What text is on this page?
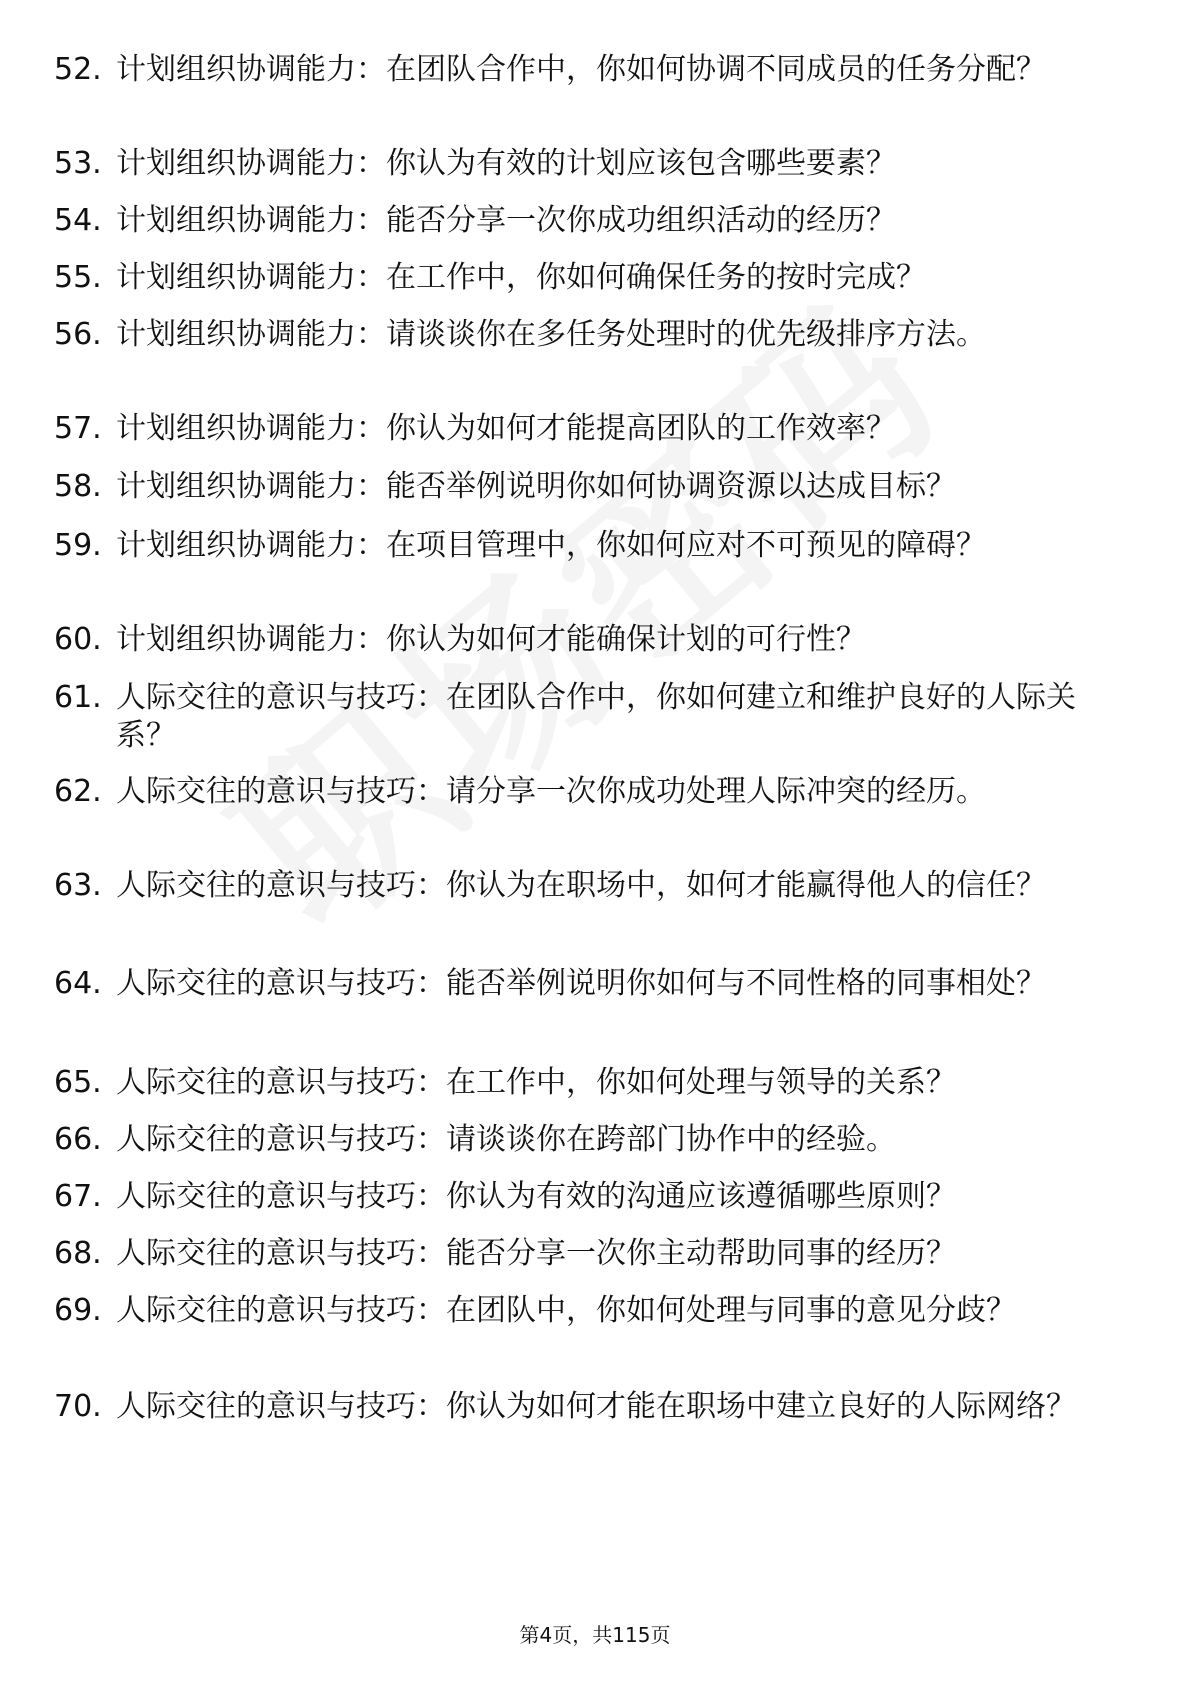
52. 计划组织协调能力：在团队合作中，你如何协调不同成员的任务分配？
53. 计划组织协调能力：你认为有效的计划应该包含哪些要素？
54. 计划组织协调能力：能否分享一次你成功组织活动的经历？
55. 计划组织协调能力：在工作中，你如何确保任务的按时完成？
56. 计划组织协调能力：请谈谈你在多任务处理时的优先级排序方法。
57. 计划组织协调能力：你认为如何才能提高团队的工作效率？
58. 计划组织协调能力：能否举例说明你如何协调资源以达成目标？
59. 计划组织协调能力：在项目管理中，你如何应对不可预见的障碍？
60. 计划组织协调能力：你认为如何才能确保计划的可行性？
61. 人际交往的意识与技巧：在团队合作中，你如何建立和维护良好的人际关系？
62. 人际交往的意识与技巧：请分享一次你成功处理人际冲突的经历。
63. 人际交往的意识与技巧：你认为在职场中，如何才能赢得他人的信任？
64. 人际交往的意识与技巧：能否举例说明你如何与不同性格的同事相处？
65. 人际交往的意识与技巧：在工作中，你如何处理与领导的关系？
66. 人际交往的意识与技巧：请谈谈你在跨部门协作中的经验。
67. 人际交往的意识与技巧：你认为有效的沟通应该遵循哪些原则？
68. 人际交往的意识与技巧：能否分享一次你主动帮助同事的经历？
69. 人际交往的意识与技巧：在团队中，你如何处理与同事的意见分歧？
70. 人际交往的意识与技巧：你认为如何才能在职场中建立良好的人际网络？
第4页，共115页
